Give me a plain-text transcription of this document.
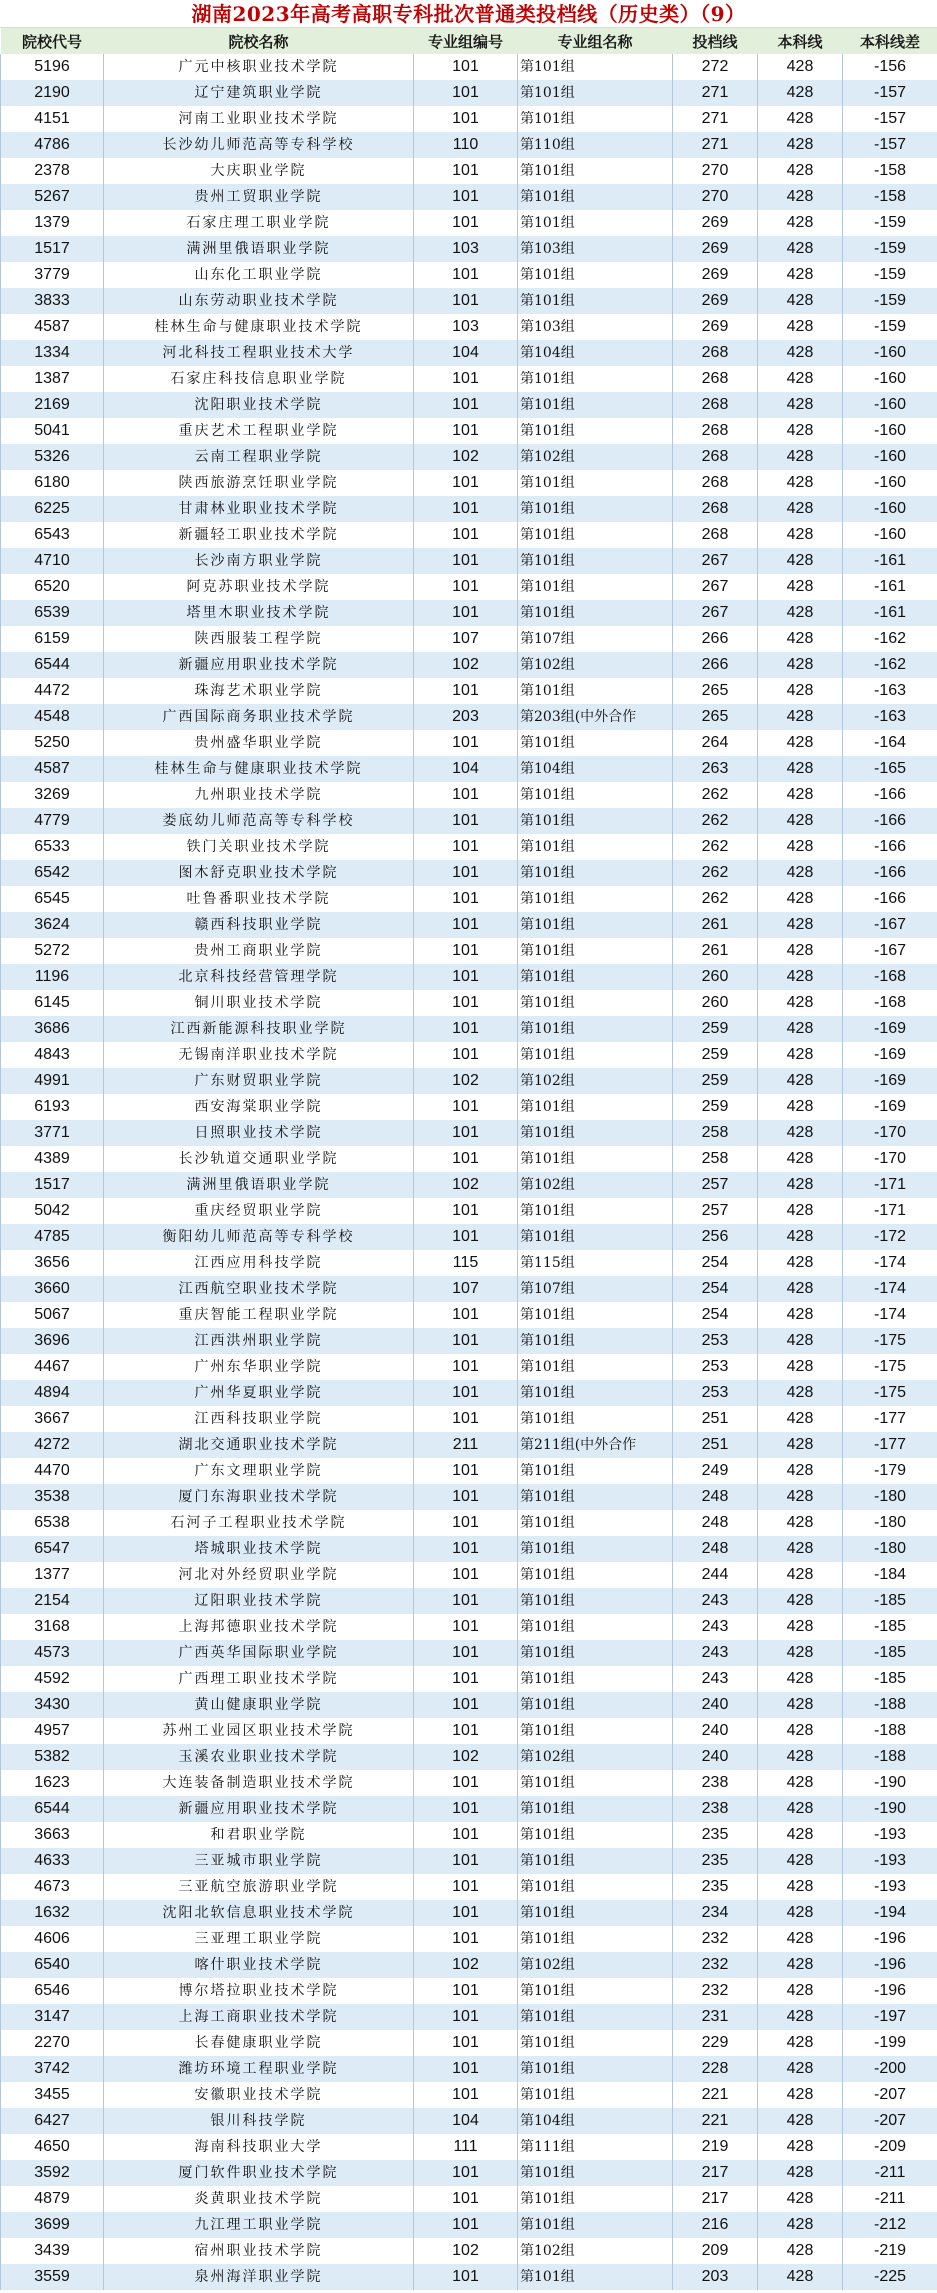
湖南2023年高考高职专科批次普通类投档线（历史类）（9）
院校代号	院校名称	专业组编号	专业组名称	投档线	本科线	本科线差
5196	广元中核职业技术学院	101	第101组	272	428	-156
2190	辽宁建筑职业学院	101	第101组	271	428	-157
4151	河南工业职业技术学院	101	第101组	271	428	-157
4786	长沙幼儿师范高等专科学校	110	第110组	271	428	-157
2378	大庆职业学院	101	第101组	270	428	-158
5267	贵州工贸职业学院	101	第101组	270	428	-158
1379	石家庄理工职业学院	101	第101组	269	428	-159
1517	满洲里俄语职业学院	103	第103组	269	428	-159
3779	山东化工职业学院	101	第101组	269	428	-159
3833	山东劳动职业技术学院	101	第101组	269	428	-159
4587	桂林生命与健康职业技术学院	103	第103组	269	428	-159
1334	河北科技工程职业技术大学	104	第104组	268	428	-160
1387	石家庄科技信息职业学院	101	第101组	268	428	-160
2169	沈阳职业技术学院	101	第101组	268	428	-160
5041	重庆艺术工程职业学院	101	第101组	268	428	-160
5326	云南工程职业学院	102	第102组	268	428	-160
6180	陕西旅游烹饪职业学院	101	第101组	268	428	-160
6225	甘肃林业职业技术学院	101	第101组	268	428	-160
6543	新疆轻工职业技术学院	101	第101组	268	428	-160
4710	长沙南方职业学院	101	第101组	267	428	-161
6520	阿克苏职业技术学院	101	第101组	267	428	-161
6539	塔里木职业技术学院	101	第101组	267	428	-161
6159	陕西服装工程学院	107	第107组	266	428	-162
6544	新疆应用职业技术学院	102	第102组	266	428	-162
4472	珠海艺术职业学院	101	第101组	265	428	-163
4548	广西国际商务职业技术学院	203	第203组(中外合作	265	428	-163
5250	贵州盛华职业学院	101	第101组	264	428	-164
4587	桂林生命与健康职业技术学院	104	第104组	263	428	-165
3269	九州职业技术学院	101	第101组	262	428	-166
4779	娄底幼儿师范高等专科学校	101	第101组	262	428	-166
6533	铁门关职业技术学院	101	第101组	262	428	-166
6542	图木舒克职业技术学院	101	第101组	262	428	-166
6545	吐鲁番职业技术学院	101	第101组	262	428	-166
3624	赣西科技职业学院	101	第101组	261	428	-167
5272	贵州工商职业学院	101	第101组	261	428	-167
1196	北京科技经营管理学院	101	第101组	260	428	-168
6145	铜川职业技术学院	101	第101组	260	428	-168
3686	江西新能源科技职业学院	101	第101组	259	428	-169
4843	无锡南洋职业技术学院	101	第101组	259	428	-169
4991	广东财贸职业学院	102	第102组	259	428	-169
6193	西安海棠职业学院	101	第101组	259	428	-169
3771	日照职业技术学院	101	第101组	258	428	-170
4389	长沙轨道交通职业学院	101	第101组	258	428	-170
1517	满洲里俄语职业学院	102	第102组	257	428	-171
5042	重庆经贸职业学院	101	第101组	257	428	-171
4785	衡阳幼儿师范高等专科学校	101	第101组	256	428	-172
3656	江西应用科技学院	115	第115组	254	428	-174
3660	江西航空职业技术学院	107	第107组	254	428	-174
5067	重庆智能工程职业学院	101	第101组	254	428	-174
3696	江西洪州职业学院	101	第101组	253	428	-175
4467	广州东华职业学院	101	第101组	253	428	-175
4894	广州华夏职业学院	101	第101组	253	428	-175
3667	江西科技职业学院	101	第101组	251	428	-177
4272	湖北交通职业技术学院	211	第211组(中外合作	251	428	-177
4470	广东文理职业学院	101	第101组	249	428	-179
3538	厦门东海职业技术学院	101	第101组	248	428	-180
6538	石河子工程职业技术学院	101	第101组	248	428	-180
6547	塔城职业技术学院	101	第101组	248	428	-180
1377	河北对外经贸职业学院	101	第101组	244	428	-184
2154	辽阳职业技术学院	101	第101组	243	428	-185
3168	上海邦德职业技术学院	101	第101组	243	428	-185
4573	广西英华国际职业学院	101	第101组	243	428	-185
4592	广西理工职业技术学院	101	第101组	243	428	-185
3430	黄山健康职业学院	101	第101组	240	428	-188
4957	苏州工业园区职业技术学院	101	第101组	240	428	-188
5382	玉溪农业职业技术学院	102	第102组	240	428	-188
1623	大连装备制造职业技术学院	101	第101组	238	428	-190
6544	新疆应用职业技术学院	101	第101组	238	428	-190
3663	和君职业学院	101	第101组	235	428	-193
4633	三亚城市职业学院	101	第101组	235	428	-193
4673	三亚航空旅游职业学院	101	第101组	235	428	-193
1632	沈阳北软信息职业技术学院	101	第101组	234	428	-194
4606	三亚理工职业学院	101	第101组	232	428	-196
6540	喀什职业技术学院	102	第102组	232	428	-196
6546	博尔塔拉职业技术学院	101	第101组	232	428	-196
3147	上海工商职业技术学院	101	第101组	231	428	-197
2270	长春健康职业学院	101	第101组	229	428	-199
3742	潍坊环境工程职业学院	101	第101组	228	428	-200
3455	安徽职业技术学院	101	第101组	221	428	-207
6427	银川科技学院	104	第104组	221	428	-207
4650	海南科技职业大学	111	第111组	219	428	-209
3592	厦门软件职业技术学院	101	第101组	217	428	-211
4879	炎黄职业技术学院	101	第101组	217	428	-211
3699	九江理工职业学院	101	第101组	216	428	-212
3439	宿州职业技术学院	102	第102组	209	428	-219
3559	泉州海洋职业学院	101	第101组	203	428	-225
